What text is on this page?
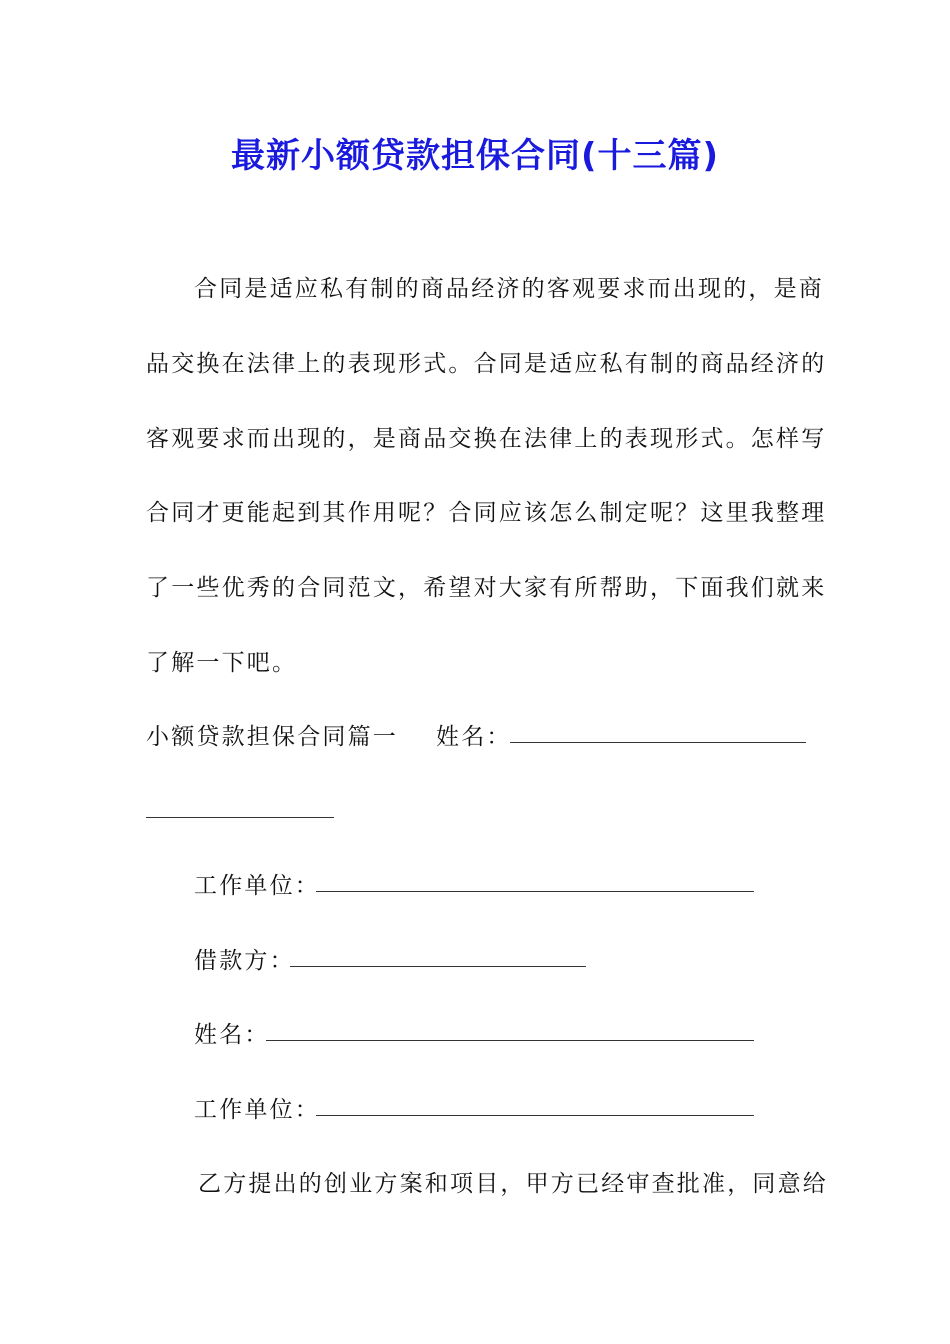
最新小额贷款担保合同(十三篇)
合同是适应私有制的商品经济的客观要求而出现的，是商
品交换在法律上的表现形式。合同是适应私有制的商品经济的
客观要求而出现的，是商品交换在法律上的表现形式。怎样写
合同才更能起到其作用呢？合同应该怎么制定呢？这里我整理
了一些优秀的合同范文，希望对大家有所帮助，下面我们就来
了解一下吧。
小额贷款担保合同篇一 姓名：
工作单位：
借款方：
姓名：
工作单位：
乙方提出的创业方案和项目，甲方已经审查批准，同意给
